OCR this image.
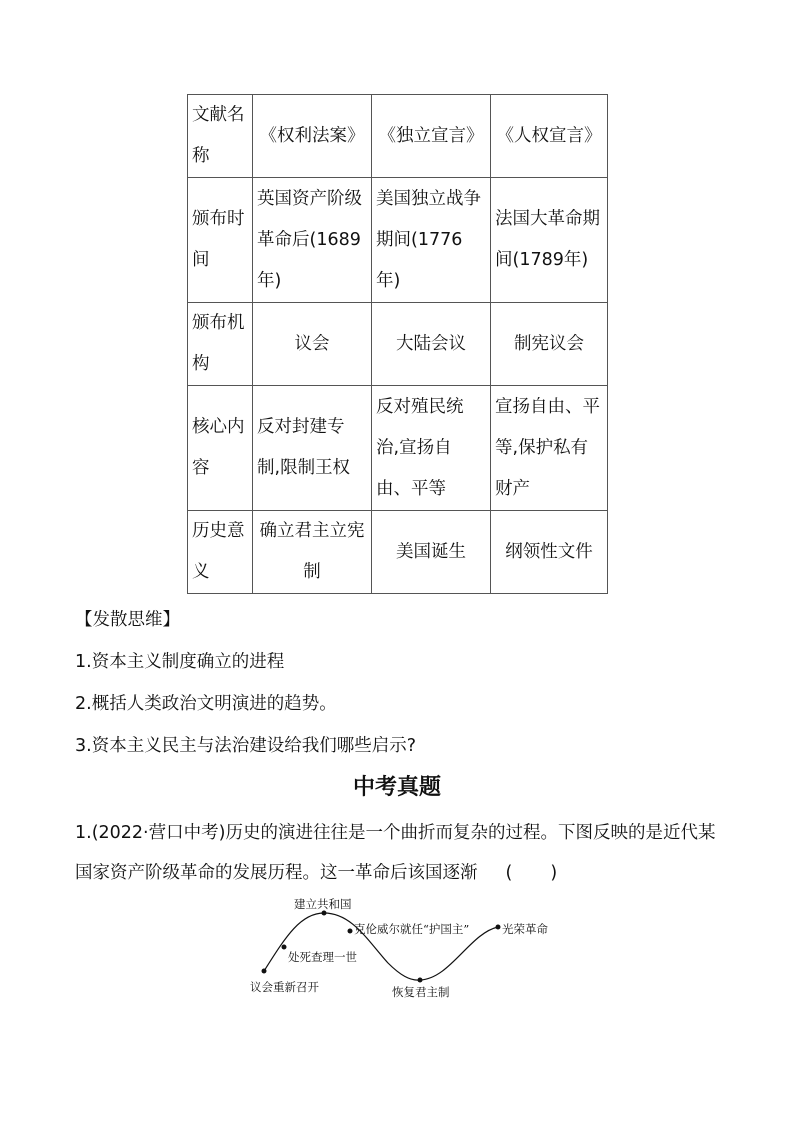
文献名称	《权利法案》	《独立宣言》	《人权宣言》
颁布时间	英国资产阶级革命后(1689年)	美国独立战争期间(1776年)	法国大革命期间(1789年)
颁布机构	议会	大陆会议	制宪议会
核心内容	反对封建专制,限制王权	反对殖民统治,宣扬自由、平等	宣扬自由、平等,保护私有财产
历史意义	确立君主立宪制	美国诞生	纲领性文件
【发散思维】
1.资本主义制度确立的进程
2.概括人类政治文明演进的趋势。
3.资本主义民主与法治建设给我们哪些启示?
中考真题
1.(2022·营口中考)历史的演进往往是一个曲折而复杂的过程。下图反映的是近代某国家资产阶级革命的发展历程。这一革命后该国逐渐 ()
议会重新召开
处死查理一世
建立共和国
克伦威尔就任“护国主”
恢复君主制
光荣革命
